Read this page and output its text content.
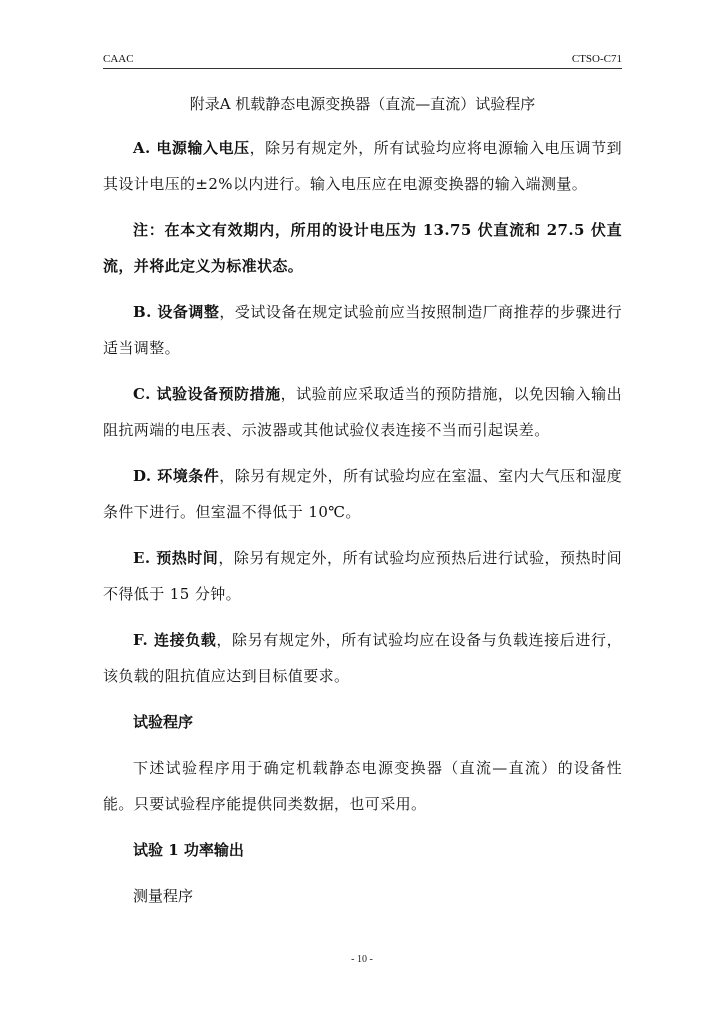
CAAC	CTSO-C71
附录A 机载静态电源变换器（直流—直流）试验程序

A. 电源输入电压，除另有规定外，所有试验均应将电源输入电压调节到其设计电压的±2%以内进行。输入电压应在电源变换器的输入端测量。

注：在本文有效期内，所用的设计电压为 13.75 伏直流和 27.5 伏直流，并将此定义为标准状态。

B. 设备调整，受试设备在规定试验前应当按照制造厂商推荐的步骤进行适当调整。

C. 试验设备预防措施，试验前应采取适当的预防措施，以免因输入输出阻抗两端的电压表、示波器或其他试验仪表连接不当而引起误差。

D. 环境条件，除另有规定外，所有试验均应在室温、室内大气压和湿度条件下进行。但室温不得低于 10℃。

E. 预热时间，除另有规定外，所有试验均应预热后进行试验，预热时间不得低于 15 分钟。

F. 连接负载，除另有规定外，所有试验均应在设备与负载连接后进行，该负载的阻抗值应达到目标值要求。

试验程序

下述试验程序用于确定机载静态电源变换器（直流—直流）的设备性能。只要试验程序能提供同类数据，也可采用。

试验 1 功率输出

测量程序

- 10 -
